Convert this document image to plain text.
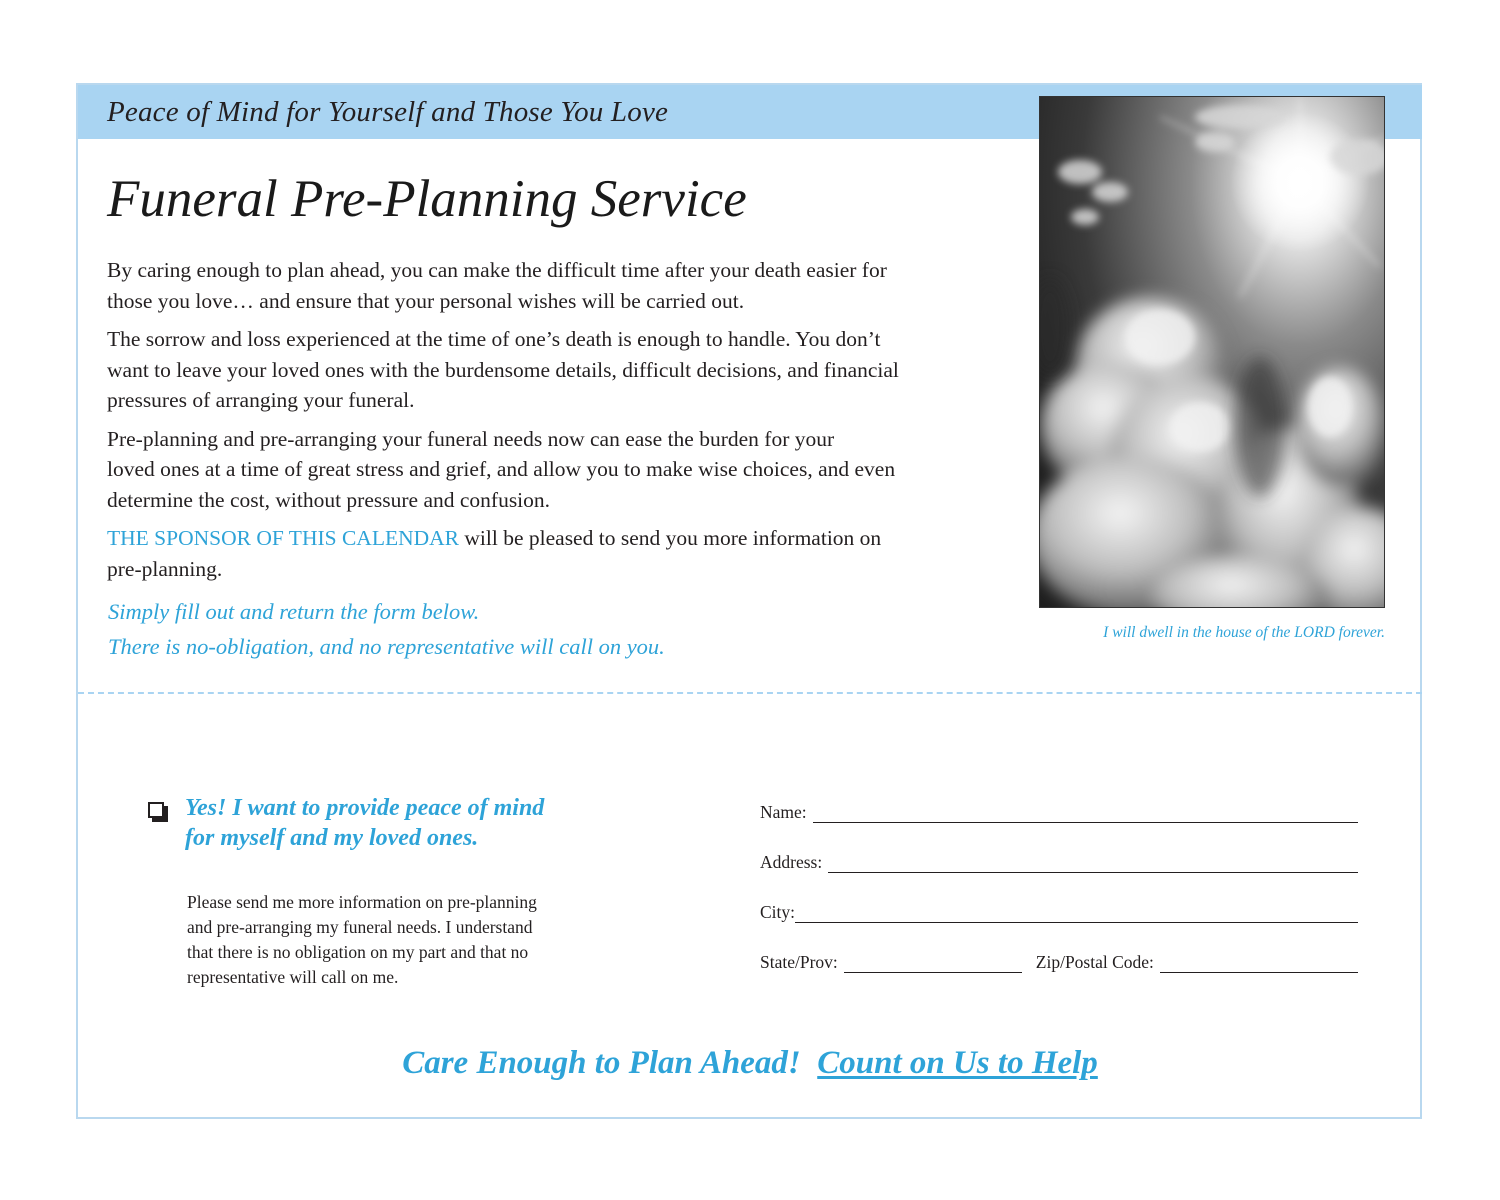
Peace of Mind for Yourself and Those You Love
Funeral Pre-Planning Service

By caring enough to plan ahead, you can make the difficult time after your death easier for
those you love… and ensure that your personal wishes will be carried out.

The sorrow and loss experienced at the time of one’s death is enough to handle. You don’t
want to leave your loved ones with the burdensome details, difficult decisions, and financial
pressures of arranging your funeral.

Pre-planning and pre-arranging your funeral needs now can ease the burden for your
loved ones at a time of great stress and grief, and allow you to make wise choices, and even
determine the cost, without pressure and confusion.

THE SPONSOR OF THIS CALENDAR will be pleased to send you more information on
pre-planning.

Simply fill out and return the form below.
There is no-obligation, and no representative will call on you.
I will dwell in the house of the LORD forever.
Yes! I want to provide peace of mind
for myself and my loved ones.
Please send me more information on pre-planning
and pre-arranging my funeral needs. I understand
that there is no obligation on my part and that no
representative will call on me.
Name:
Address:
City:
State/Prov:	Zip/Postal Code:
Care Enough to Plan Ahead! Count on Us to Help
